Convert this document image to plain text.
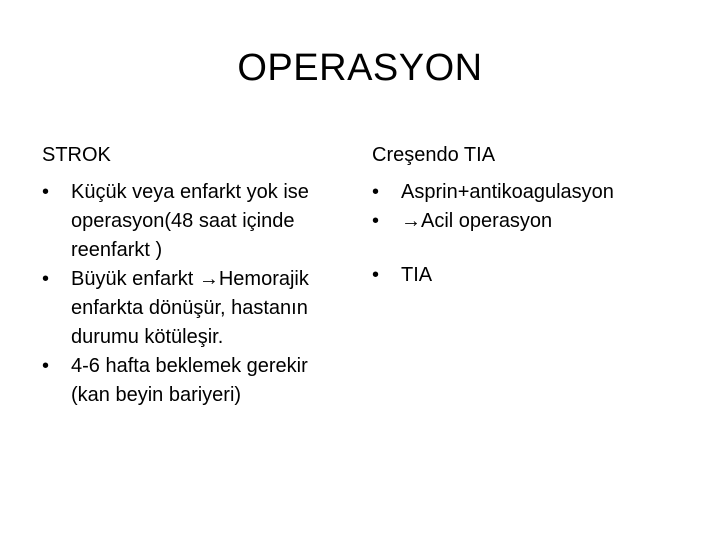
OPERASYON
STROK
•	Küçük veya enfarkt yok ise operasyon(48 saat içinde reenfarkt )
•	Büyük enfarkt →Hemorajik enfarkta dönüşür, hastanın durumu kötüleşir.
•	4-6 hafta beklemek gerekir (kan beyin bariyeri)
Creşendo TIA
•	Asprin+antikoagulasyon
•	→Acil operasyon
•	TIA
